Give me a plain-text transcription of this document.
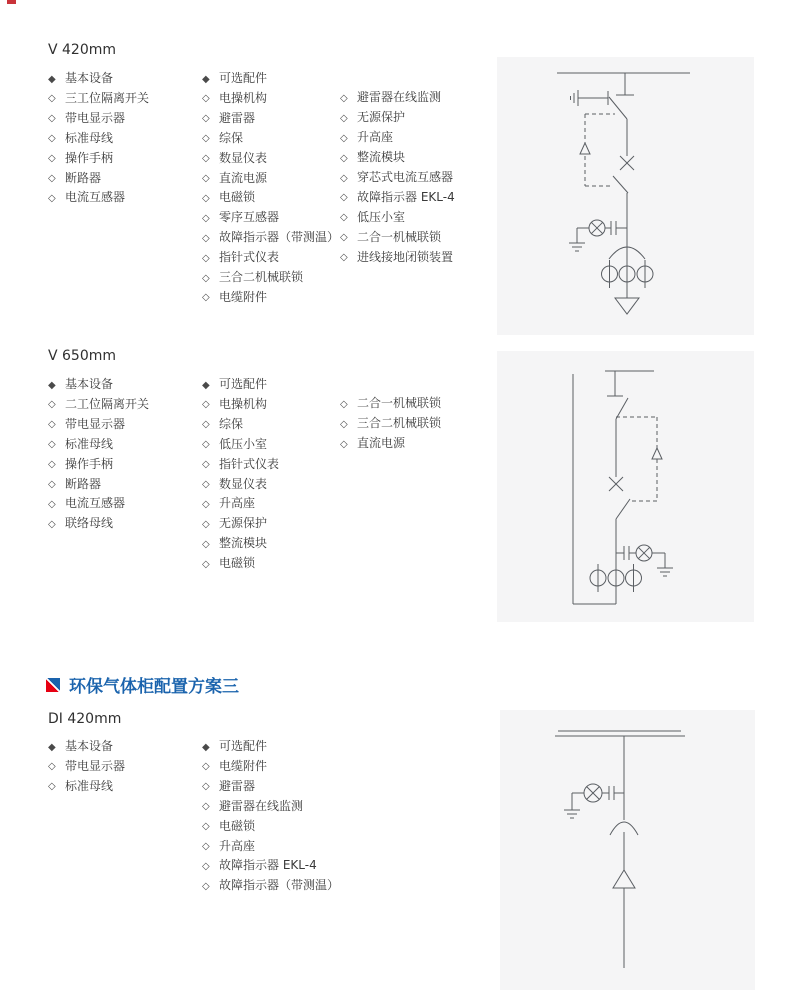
V 420mm
◆ 基本设备
◇ 三工位隔离开关
◇ 带电显示器
◇ 标准母线
◇ 操作手柄
◇ 断路器
◇ 电流互感器
◆ 可选配件
◇ 电操机构
◇ 避雷器
◇ 综保
◇ 数显仪表
◇ 直流电源
◇ 电磁锁
◇ 零序互感器
◇ 故障指示器（带测温）
◇ 指针式仪表
◇ 三合二机械联锁
◇ 电缆附件
◇ 避雷器在线监测
◇ 无源保护
◇ 升高座
◇ 整流模块
◇ 穿芯式电流互感器
◇ 故障指示器 EKL-4
◇ 低压小室
◇ 二合一机械联锁
◇ 进线接地闭锁装置
V 650mm
◆ 基本设备
◇ 二工位隔离开关
◇ 带电显示器
◇ 标准母线
◇ 操作手柄
◇ 断路器
◇ 电流互感器
◇ 联络母线
◆ 可选配件
◇ 电操机构
◇ 综保
◇ 低压小室
◇ 指针式仪表
◇ 数显仪表
◇ 升高座
◇ 无源保护
◇ 整流模块
◇ 电磁锁
◇ 二合一机械联锁
◇ 三合二机械联锁
◇ 直流电源
环保气体柜配置方案三
DI 420mm
◆ 基本设备
◇ 带电显示器
◇ 标准母线
◆ 可选配件
◇ 电缆附件
◇ 避雷器
◇ 避雷器在线监测
◇ 电磁锁
◇ 升高座
◇ 故障指示器 EKL-4
◇ 故障指示器（带测温）
